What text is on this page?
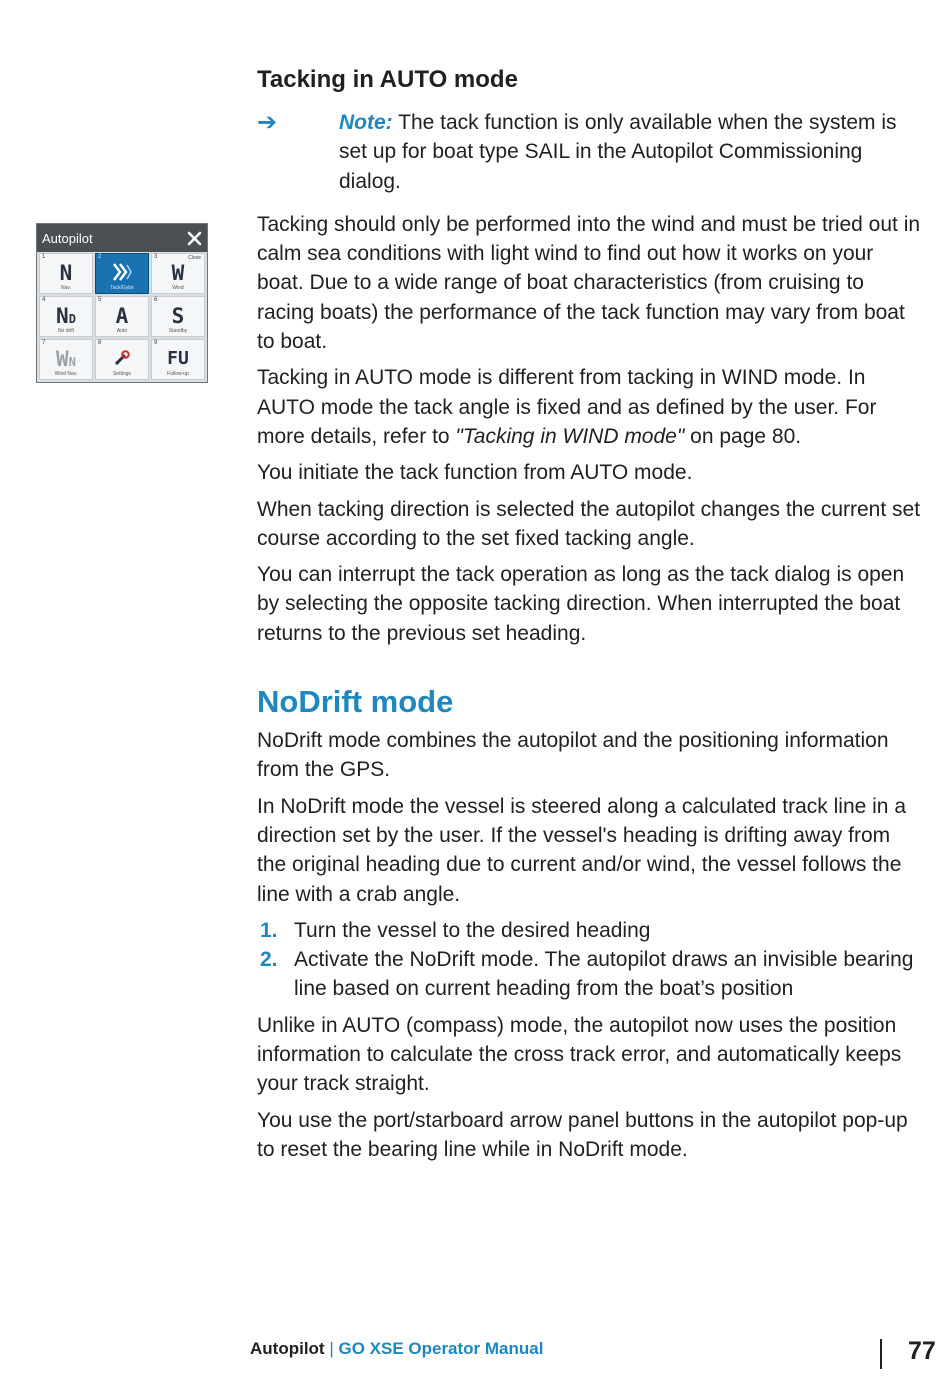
Autopilot
1
N
Nav.
2
Tack/Gybe
3	Close
W
Wind
4
ND
No drift
5
A
Auto
6
S
Standby
7
WN
Wind Nav.
8
Settings
9
FU
Follow-up
Tacking in AUTO mode
➔	Note: The tack function is only available when the system is set up for boat type SAIL in the Autopilot Commissioning dialog.

Tacking should only be performed into the wind and must be tried out in calm sea conditions with light wind to find out how it works on your boat. Due to a wide range of boat characteristics (from cruising to racing boats) the performance of the tack function may vary from boat to boat.

Tacking in AUTO mode is different from tacking in WIND mode. In AUTO mode the tack angle is fixed and as defined by the user. For more details, refer to "Tacking in WIND mode" on page 80.

You initiate the tack function from AUTO mode.

When tacking direction is selected the autopilot changes the current set course according to the set fixed tacking angle.

You can interrupt the tack operation as long as the tack dialog is open by selecting the opposite tacking direction. When interrupted the boat returns to the previous set heading.

NoDrift mode

NoDrift mode combines the autopilot and the positioning information from the GPS.

In NoDrift mode the vessel is steered along a calculated track line in a direction set by the user. If the vessel's heading is drifting away from the original heading due to current and/or wind, the vessel follows the line with a crab angle.

1. Turn the vessel to the desired heading
2. Activate the NoDrift mode. The autopilot draws an invisible bearing line based on current heading from the boat’s position

Unlike in AUTO (compass) mode, the autopilot now uses the position information to calculate the cross track error, and automatically keeps your track straight.

You use the port/starboard arrow panel buttons in the autopilot pop-up to reset the bearing line while in NoDrift mode.

Autopilot | GO XSE Operator Manual	77
